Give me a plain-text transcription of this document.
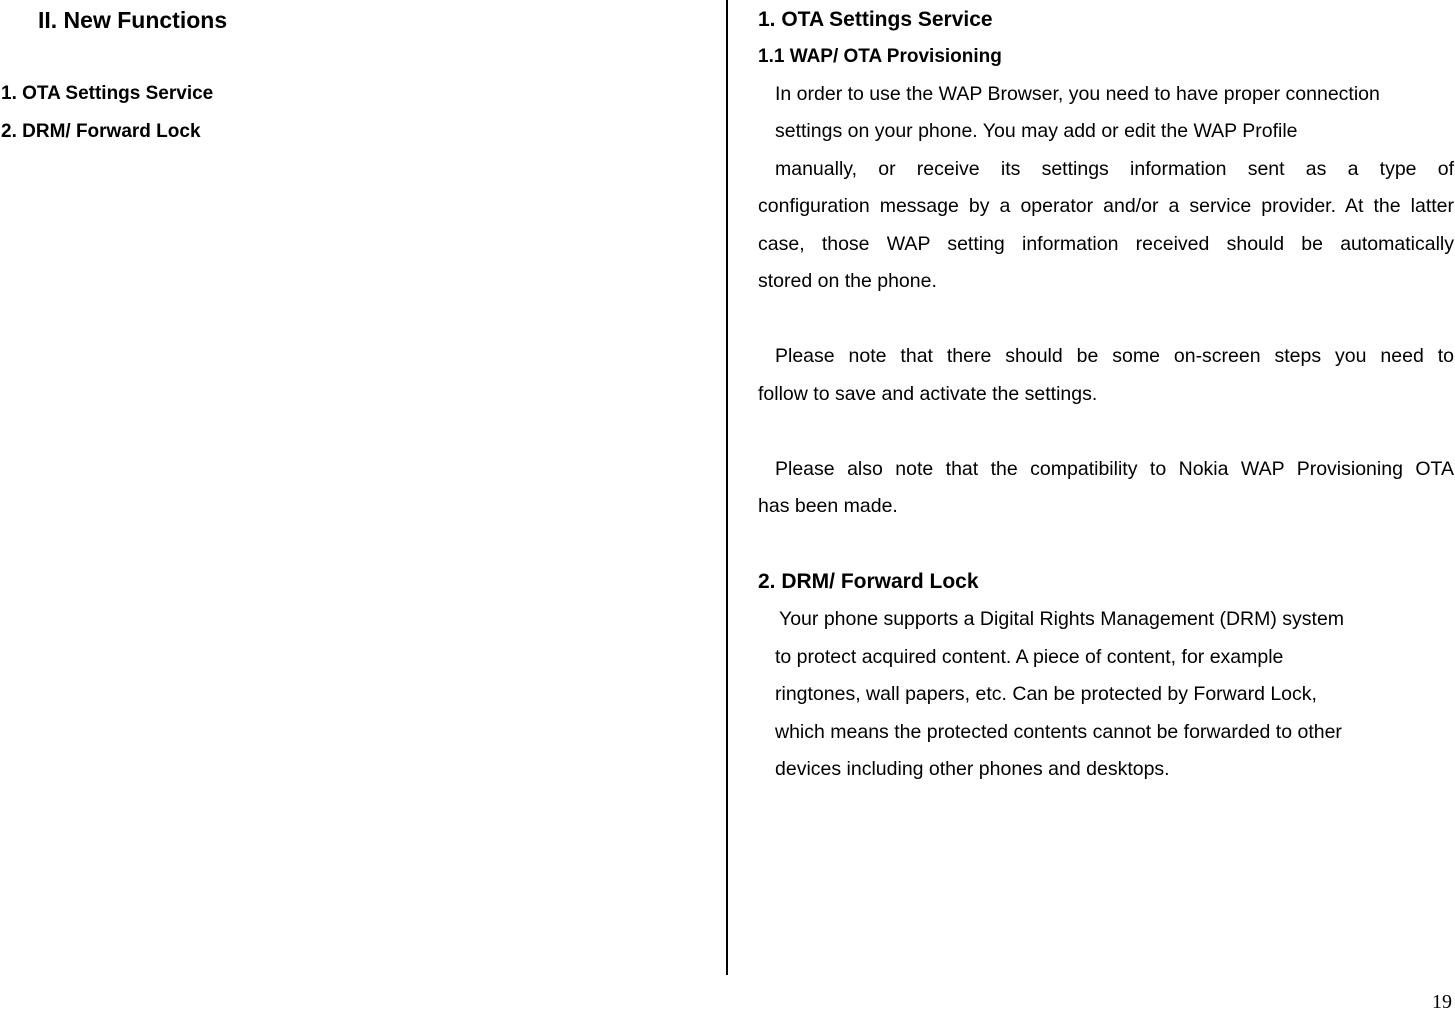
II. New Functions
1. OTA Settings Service
2. DRM/ Forward Lock
1. OTA Settings Service
1.1 WAP/ OTA Provisioning
In order to use the WAP Browser, you need to have proper connection
settings on your phone. You may add or edit the WAP Profile
manually, or receive its settings information sent as a type of
configuration message by a operator and/or a service provider. At the latter
case, those WAP setting information received should be automatically
stored on the phone.
Please note that there should be some on-screen steps you need to
follow to save and activate the settings.
Please also note that the compatibility to Nokia WAP Provisioning OTA
has been made.
2. DRM/ Forward Lock
Your phone supports a Digital Rights Management (DRM) system
to protect acquired content. A piece of content, for example
ringtones, wall papers, etc. Can be protected by Forward Lock,
which means the protected contents cannot be forwarded to other
devices including other phones and desktops.
19
